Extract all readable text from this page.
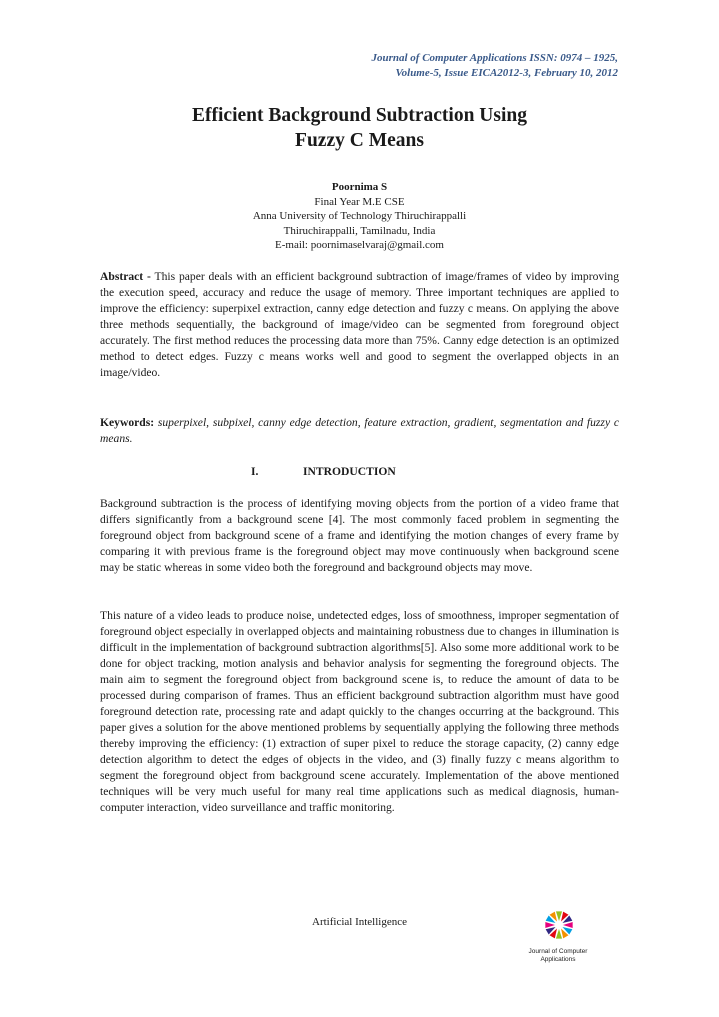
Journal of Computer Applications ISSN: 0974 – 1925,
Volume-5, Issue EICA2012-3, February 10, 2012
Efficient Background Subtraction Using
Fuzzy C Means
Poornima S
Final Year M.E CSE
Anna University of Technology Thiruchirappalli
Thiruchirappalli, Tamilnadu, India
E-mail: poornimaselvaraj@gmail.com

Abstract - This paper deals with an efficient background subtraction of image/frames of video by improving the execution speed, accuracy and reduce the usage of memory. Three important techniques are applied to improve the efficiency: superpixel extraction, canny edge detection and fuzzy c means. On applying the above three methods sequentially, the background of image/video can be segmented from foreground object accurately. The first method reduces the processing data more than 75%. Canny edge detection is an optimized method to detect edges. Fuzzy c means works well and good to segment the overlapped objects in an image/video.

Keywords: superpixel, subpixel, canny edge detection, feature extraction, gradient, segmentation and fuzzy c means.

I.	INTRODUCTION

Background subtraction is the process of identifying moving objects from the portion of a video frame that differs significantly from a background scene [4]. The most commonly faced problem in segmenting the foreground object from background scene of a frame and identifying the motion changes of every frame by comparing it with previous frame is the foreground object may move continuously when background scene may be static whereas in some video both the foreground and background objects may move.

This nature of a video leads to produce noise, undetected edges, loss of smoothness, improper segmentation of foreground object especially in overlapped objects and maintaining robustness due to changes in illumination is difficult in the implementation of background subtraction algorithms[5]. Also some more additional work to be done for object tracking, motion analysis and behavior analysis for segmenting the foreground objects. The main aim to segment the foreground object from background scene is, to reduce the amount of data to be processed during comparison of frames. Thus an efficient background subtraction algorithm must have good foreground detection rate, processing rate and adapt quickly to the changes occurring at the background. This paper gives a solution for the above mentioned problems by sequentially applying the following three methods thereby improving the efficiency: (1) extraction of super pixel to reduce the storage capacity, (2) canny edge detection algorithm to detect the edges of objects in the video, and (3) finally fuzzy c means algorithm to segment the foreground object from background scene accurately. Implementation of the above mentioned techniques will be very much useful for many real time applications such as medical diagnosis, human-computer interaction, video surveillance and traffic monitoring.

Artificial Intelligence
Journal of Computer
Applications
